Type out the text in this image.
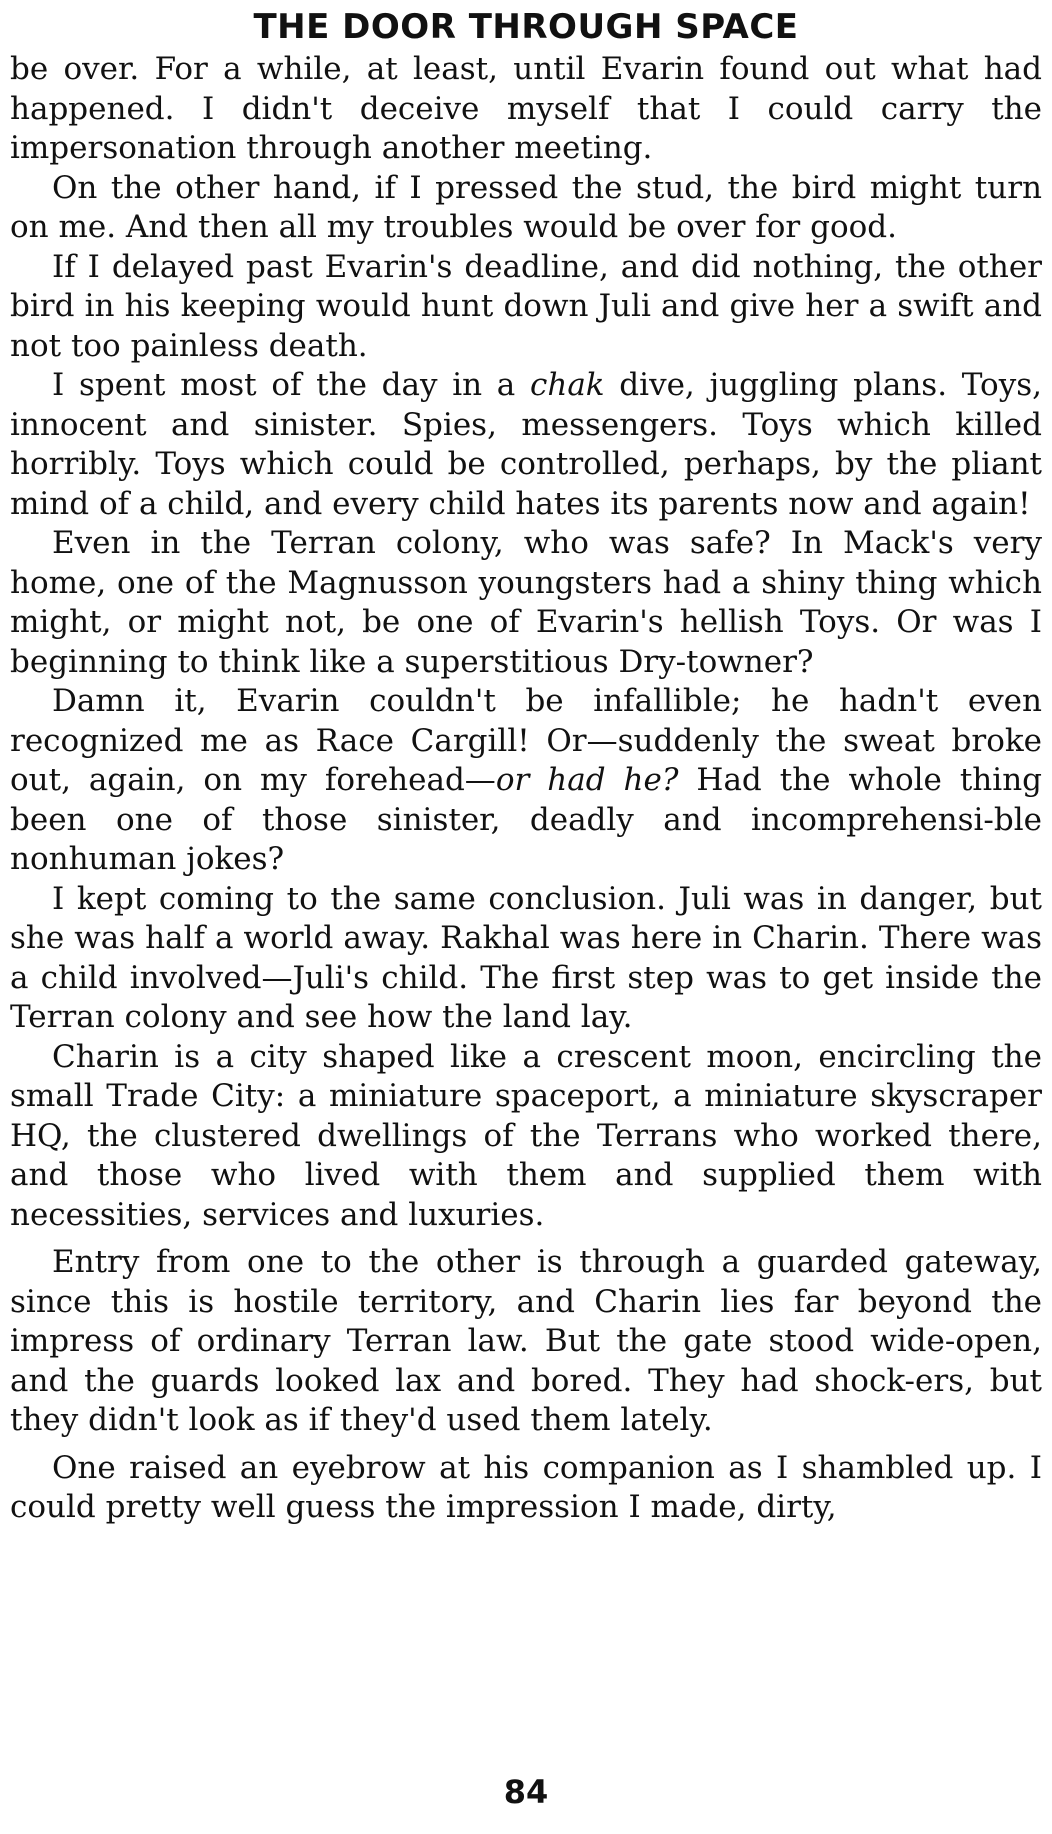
THE DOOR THROUGH SPACE

be over. For a while, at least, until Evarin found out what had happened. I didn't deceive myself that I could carry the impersonation through another meeting.

On the other hand, if I pressed the stud, the bird might turn on me. And then all my troubles would be over for good.

If I delayed past Evarin's deadline, and did nothing, the other bird in his keeping would hunt down Juli and give her a swift and not too painless death.

I spent most of the day in a chak dive, juggling plans. Toys, innocent and sinister. Spies, messengers. Toys which killed horribly. Toys which could be controlled, perhaps, by the pliant mind of a child, and every child hates its parents now and again!

Even in the Terran colony, who was safe? In Mack's very home, one of the Magnusson youngsters had a shiny thing which might, or might not, be one of Evarin's hellish Toys. Or was I beginning to think like a superstitious Dry-towner?

Damn it, Evarin couldn't be infallible; he hadn't even recognized me as Race Cargill! Or—suddenly the sweat broke out, again, on my forehead—or had he? Had the whole thing been one of those sinister, deadly and incomprehensi-ble nonhuman jokes?

I kept coming to the same conclusion. Juli was in danger, but she was half a world away. Rakhal was here in Charin. There was a child involved—Juli's child. The first step was to get inside the Terran colony and see how the land lay.

Charin is a city shaped like a crescent moon, encircling the small Trade City: a miniature spaceport, a miniature skyscraper HQ, the clustered dwellings of the Terrans who worked there, and those who lived with them and supplied them with necessities, services and luxuries.

Entry from one to the other is through a guarded gateway, since this is hostile territory, and Charin lies far beyond the impress of ordinary Terran law. But the gate stood wide-open, and the guards looked lax and bored. They had shock-ers, but they didn't look as if they'd used them lately.

One raised an eyebrow at his companion as I shambled up. I could pretty well guess the impression I made, dirty,

84
